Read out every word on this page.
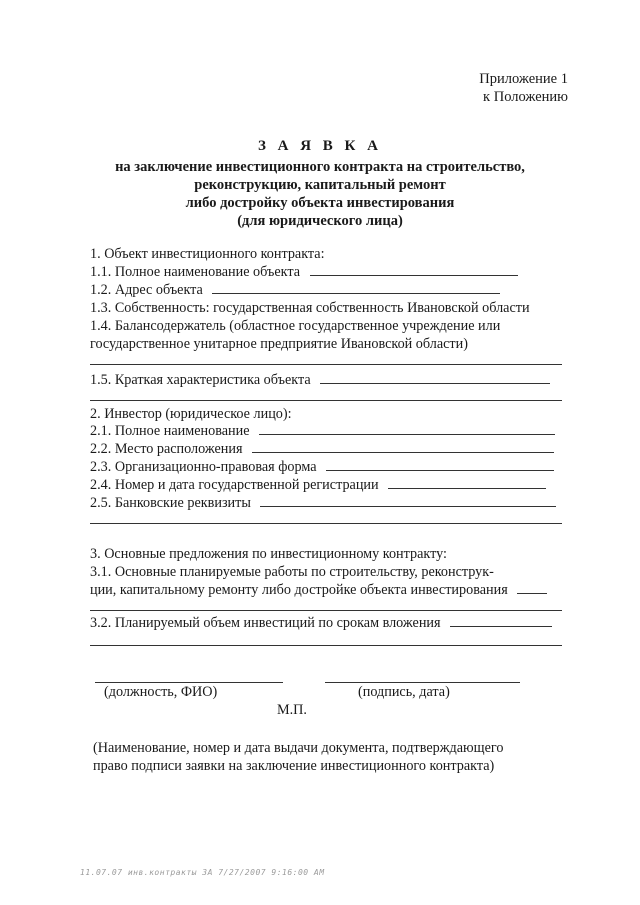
Приложение 1
к Положению
З А Я В К А
на заключение инвестиционного контракта на строительство,
реконструкцию, капитальный ремонт
либо достройку объекта инвестирования
(для юридического лица)
1. Объект инвестиционного контракта:
1.1. Полное наименование объекта
1.2. Адрес объекта
1.3. Собственность: государственная собственность Ивановской области
1.4. Балансодержатель (областное государственное учреждение или
государственное унитарное предприятие Ивановской области)
1.5. Краткая характеристика объекта
2. Инвестор (юридическое лицо):
2.1. Полное наименование
2.2. Место расположения
2.3. Организационно-правовая форма
2.4. Номер и дата государственной регистрации
2.5. Банковские реквизиты
3. Основные предложения по инвестиционному контракту:
3.1. Основные планируемые работы по строительству, реконструк-
ции, капитальному ремонту либо достройке объекта инвестирования
3.2. Планируемый объем инвестиций по срокам вложения
(должность, ФИО)	(подпись, дата)
М.П.
(Наименование, номер и дата выдачи документа, подтверждающего
право подписи заявки на заключение инвестиционного контракта)
11.07.07 инв.контракты 3А 7/27/2007 9:16:00 AM
